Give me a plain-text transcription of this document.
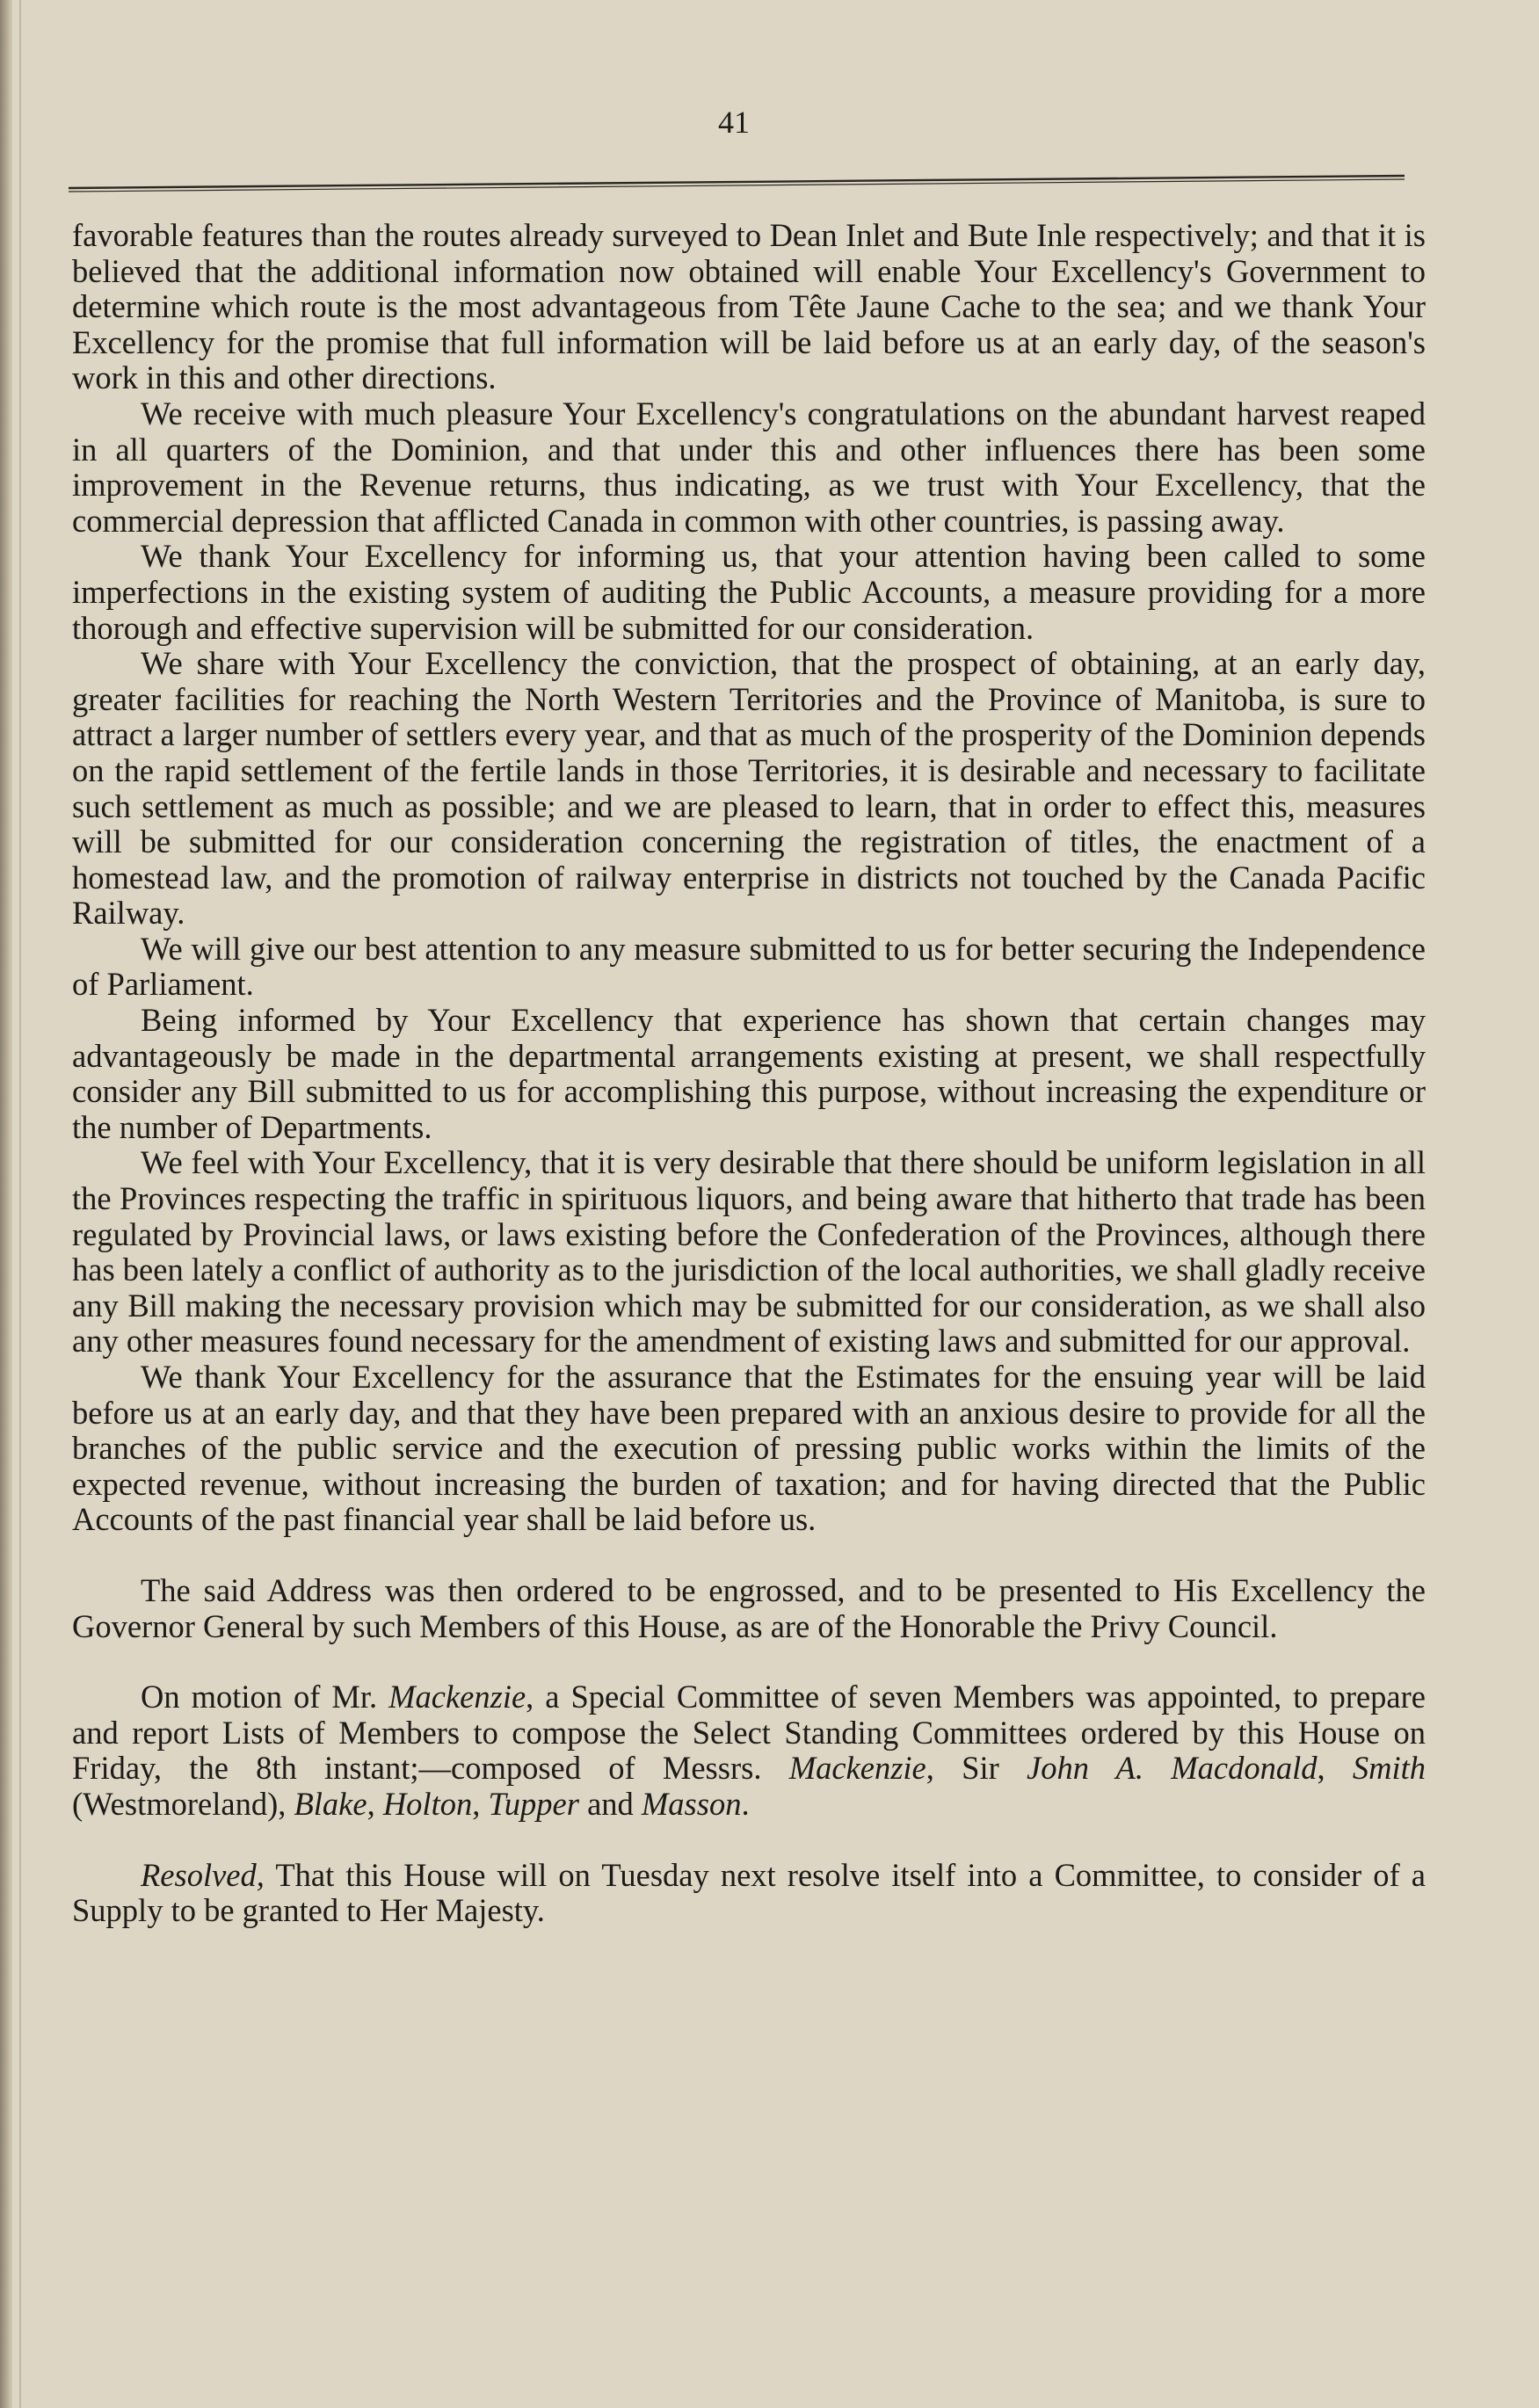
41

favorable features than the routes already surveyed to Dean Inlet and Bute Inle respectively; and that it is believed that the additional information now obtained will enable Your Excellency's Government to determine which route is the most advantageous from Tête Jaune Cache to the sea; and we thank Your Excellency for the promise that full information will be laid before us at an early day, of the season's work in this and other directions.

We receive with much pleasure Your Excellency's congratulations on the abundant harvest reaped in all quarters of the Dominion, and that under this and other influences there has been some improvement in the Revenue returns, thus indicating, as we trust with Your Excellency, that the commercial depression that afflicted Canada in common with other countries, is passing away.

We thank Your Excellency for informing us, that your attention having been called to some imperfections in the existing system of auditing the Public Accounts, a measure providing for a more thorough and effective supervision will be submitted for our consideration.

We share with Your Excellency the conviction, that the prospect of obtaining, at an early day, greater facilities for reaching the North Western Territories and the Province of Manitoba, is sure to attract a larger number of settlers every year, and that as much of the prosperity of the Dominion depends on the rapid settlement of the fertile lands in those Territories, it is desirable and necessary to facilitate such settlement as much as possible; and we are pleased to learn, that in order to effect this, measures will be submitted for our consideration concerning the registration of titles, the enactment of a homestead law, and the promotion of railway enterprise in districts not touched by the Canada Pacific Railway.

We will give our best attention to any measure submitted to us for better securing the Independence of Parliament.

Being informed by Your Excellency that experience has shown that certain changes may advantageously be made in the departmental arrangements existing at present, we shall respectfully consider any Bill submitted to us for accomplishing this purpose, without increasing the expenditure or the number of Departments.

We feel with Your Excellency, that it is very desirable that there should be uniform legislation in all the Provinces respecting the traffic in spirituous liquors, and being aware that hitherto that trade has been regulated by Provincial laws, or laws existing before the Confederation of the Provinces, although there has been lately a conflict of authority as to the jurisdiction of the local authorities, we shall gladly receive any Bill making the necessary provision which may be submitted for our consideration, as we shall also any other measures found necessary for the amendment of existing laws and submitted for our approval.

We thank Your Excellency for the assurance that the Estimates for the ensuing year will be laid before us at an early day, and that they have been prepared with an anxious desire to provide for all the branches of the public service and the execution of pressing public works within the limits of the expected revenue, without increasing the burden of taxation; and for having directed that the Public Accounts of the past financial year shall be laid before us.

The said Address was then ordered to be engrossed, and to be presented to His Excellency the Governor General by such Members of this House, as are of the Honorable the Privy Council.

On motion of Mr. Mackenzie, a Special Committee of seven Members was appointed, to prepare and report Lists of Members to compose the Select Standing Committees ordered by this House on Friday, the 8th instant;—composed of Messrs. Mackenzie, Sir John A. Macdonald, Smith (Westmoreland), Blake, Holton, Tupper and Masson.

Resolved, That this House will on Tuesday next resolve itself into a Committee, to consider of a Supply to be granted to Her Majesty.
